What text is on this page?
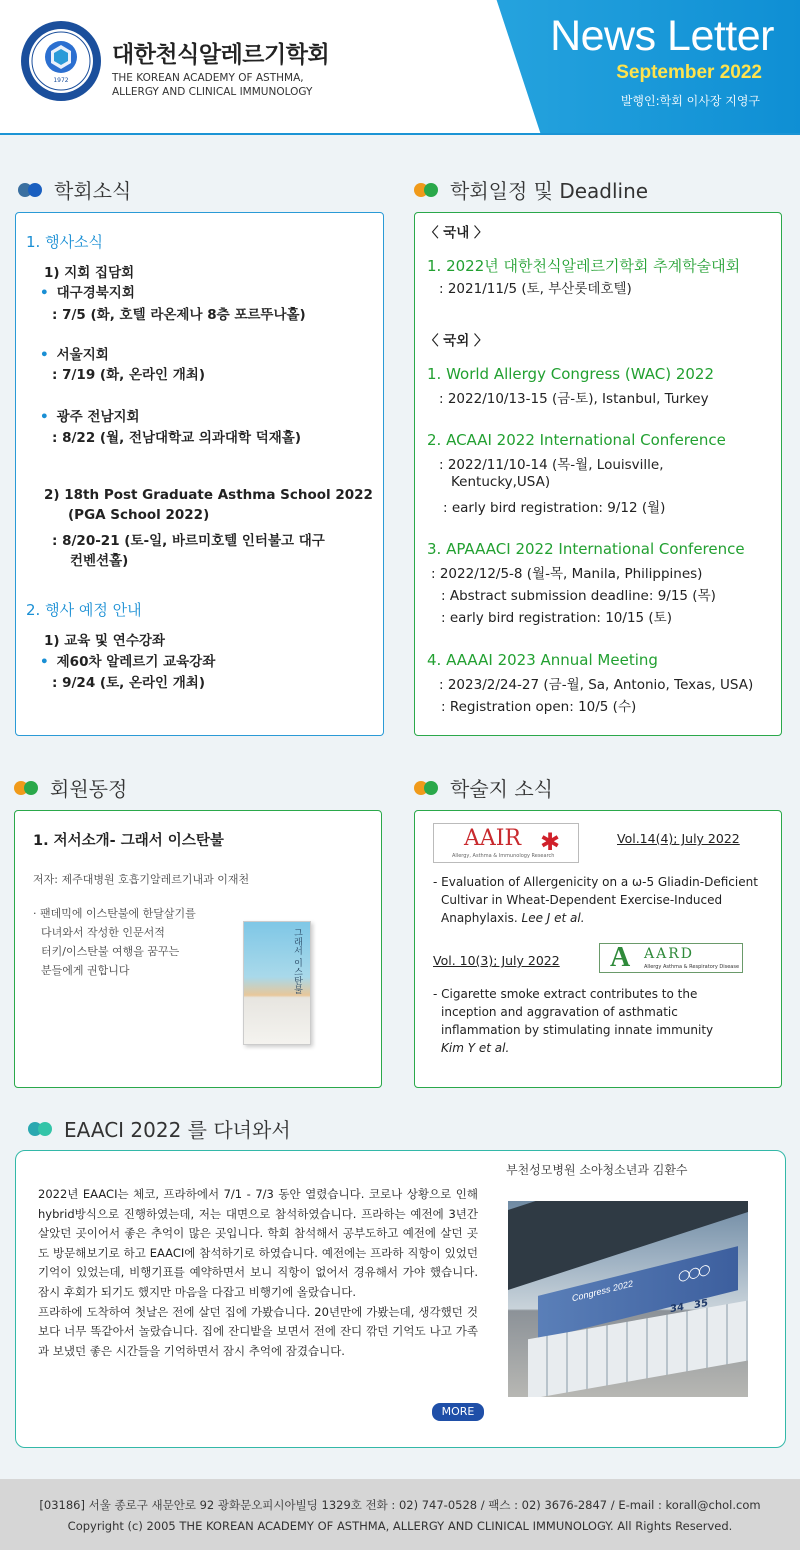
1972
대한천식알레르기학회
THE KOREAN ACADEMY OF ASTHMA,
ALLERGY AND CLINICAL IMMUNOLOGY
News Letter
September 2022
발행인:학회 이사장 지영구
학회소식
1. 행사소식
1) 지회 집담회
• 대구경북지회
: 7/5 (화, 호텔 라온제나 8층 포르뚜나홀)
• 서울지회
: 7/19 (화, 온라인 개최)
• 광주 전남지회
: 8/22 (월, 전남대학교 의과대학 덕재홀)
2) 18th Post Graduate Asthma School 2022
(PGA School 2022)
: 8/20-21 (토-일, 바르미호텔 인터불고 대구
컨벤션홀)
2. 행사 예정 안내
1) 교육 및 연수강좌
• 제60차 알레르기 교육강좌
: 9/24 (토, 온라인 개최)
학회일정 및 Deadline
〈 국내 〉
1. 2022년 대한천식알레르기학회 추계학술대회
: 2021/11/5 (토, 부산롯데호텔)
〈 국외 〉
1. World Allergy Congress (WAC) 2022
: 2022/10/13-15 (금-토), Istanbul, Turkey
2. ACAAI 2022 International Conference
: 2022/11/10-14 (목-월, Louisville,
Kentucky,USA)
: early bird registration: 9/12 (월)
3. APAAACI 2022 International Conference
: 2022/12/5-8 (월-목, Manila, Philippines)
: Abstract submission deadline: 9/15 (목)
: early bird registration: 10/15 (토)
4. AAAAI 2023 Annual Meeting
: 2023/2/24-27 (금-월, Sa, Antonio, Texas, USA)
: Registration open: 10/5 (수)
회원동정
1. 저서소개- 그래서 이스탄불
저자: 제주대병원 호흡기알레르기내과 이재천
· 팬데믹에 이스탄불에 한달살기를
다녀와서 작성한 인문서적
터키/이스탄불 여행을 꿈꾸는
분들에게 권합니다	그래서 이스탄불
학술지 소식
AAIR ✱
Allergy, Asthma & Immunology Research
Vol.14(4); July 2022
- Evaluation of Allergenicity on a ω-5 Gliadin-Deficient
Cultivar in Wheat-Dependent Exercise-Induced
Anaphylaxis. Lee J et al.
Vol. 10(3); July 2022 A AARD
Allergy Asthma & Respiratory Disease
- Cigarette smoke extract contributes to the
inception and aggravation of asthmatic
inflammation by stimulating innate immunity
Kim Y et al.
EAACI 2022 를 다녀와서
부천성모병원 소아청소년과 김환수

2022년 EAACI는 체코, 프라하에서 7/1 - 7/3 동안 열렸습니다. 코로나 상황으로 인해 hybrid방식으로 진행하였는데, 저는 대면으로 참석하였습니다. 프라하는 예전에 3년간 살았던 곳이어서 좋은 추억이 많은 곳입니다. 학회 참석해서 공부도하고 예전에 살던 곳도 방문해보기로 하고 EAACI에 참석하기로 하였습니다. 예전에는 프라하 직항이 있었던 기억이 있었는데, 비행기표를 예약하면서 보니 직항이 없어서 경유해서 가야 했습니다. 잠시 후회가 되기도 했지만 마음을 다잡고 비행기에 올랐습니다.

프라하에 도착하여 첫날은 전에 살던 집에 가봤습니다. 20년만에 가봤는데, 생각했던 것보다 너무 똑같아서 놀랐습니다. 집에 잔디밭을 보면서 전에 잔디 깎던 기억도 나고 가족과 보냈던 좋은 시간들을 기억하면서 잠시 추억에 잠겼습니다.

MORE
Congress 2022
○○○
34 35
[03186] 서울 종로구 새문안로 92 광화문오피시아빌딩 1329호 전화 : 02) 747-0528 / 팩스 : 02) 3676-2847 / E-mail : korall@chol.com
Copyright (c) 2005 THE KOREAN ACADEMY OF ASTHMA, ALLERGY AND CLINICAL IMMUNOLOGY. All Rights Reserved.
